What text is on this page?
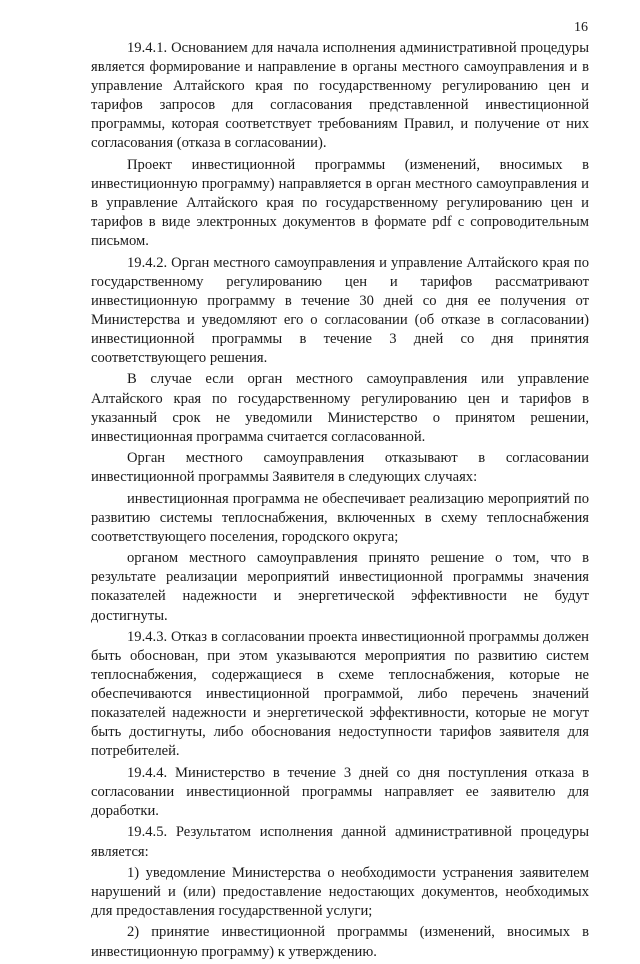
16

19.4.1. Основанием для начала исполнения административной процедуры является формирование и направление в органы местного самоуправления и в управление Алтайского края по государственному регулированию цен и тарифов запросов для согласования представленной инвестиционной программы, которая соответствует требованиям Правил, и получение от них согласования (отказа в согласовании).

Проект инвестиционной программы (изменений, вносимых в инвестиционную программу) направляется в орган местного самоуправления и в управление Алтайского края по государственному регулированию цен и тарифов в виде электронных документов в формате pdf с сопроводительным письмом.

19.4.2. Орган местного самоуправления и управление Алтайского края по государственному регулированию цен и тарифов рассматривают инвестиционную программу в течение 30 дней со дня ее получения от Министерства и уведомляют его о согласовании (об отказе в согласовании) инвестиционной программы в течение 3 дней со дня принятия соответствующего решения.

В случае если орган местного самоуправления или управление Алтайского края по государственному регулированию цен и тарифов в указанный срок не уведомили Министерство о принятом решении, инвестиционная программа считается согласованной.

Орган местного самоуправления отказывают в согласовании инвестиционной программы Заявителя в следующих случаях:

инвестиционная программа не обеспечивает реализацию мероприятий по развитию системы теплоснабжения, включенных в схему теплоснабжения соответствующего поселения, городского округа;

органом местного самоуправления принято решение о том, что в результате реализации мероприятий инвестиционной программы значения показателей надежности и энергетической эффективности не будут достигнуты.

19.4.3. Отказ в согласовании проекта инвестиционной программы должен быть обоснован, при этом указываются мероприятия по развитию систем теплоснабжения, содержащиеся в схеме теплоснабжения, которые не обеспечиваются инвестиционной программой, либо перечень значений показателей надежности и энергетической эффективности, которые не могут быть достигнуты, либо обоснования недоступности тарифов заявителя для потребителей.

19.4.4. Министерство в течение 3 дней со дня поступления отказа в согласовании инвестиционной программы направляет ее заявителю для доработки.

19.4.5. Результатом исполнения данной административной процедуры является:

1) уведомление Министерства о необходимости устранения заявителем нарушений и (или) предоставление недостающих документов, необходимых для предоставления государственной услуги;

2) принятие инвестиционной программы (изменений, вносимых в инвестиционную программу) к утверждению.
